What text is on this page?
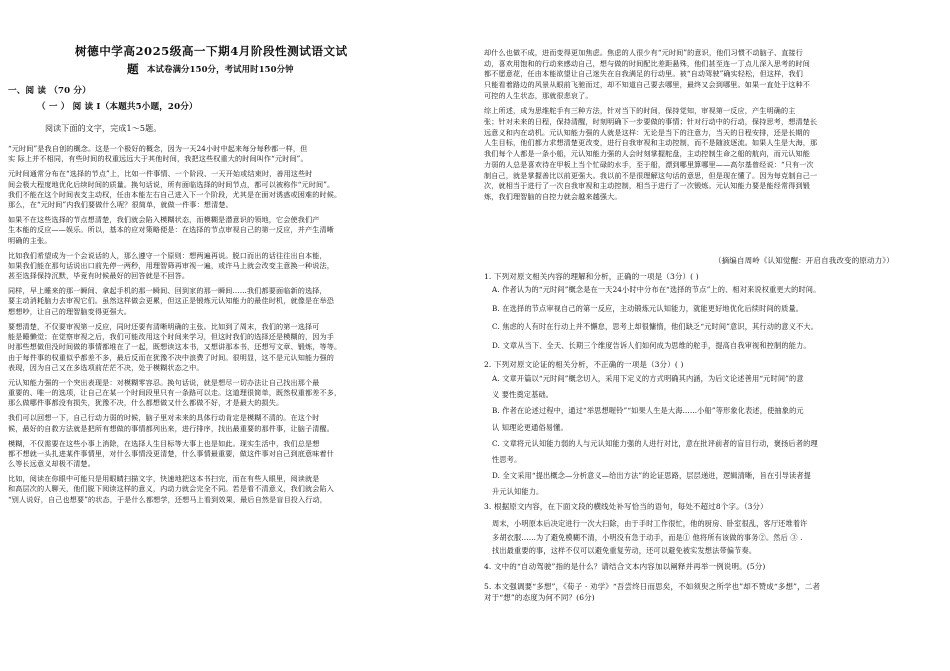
树德中学高2025级高一下期4月阶段性测试语文试
题 本试卷满分150分，考试用时150分钟
一、阅 读 （70 分）
（ 一 ） 阅 读 Ⅰ（本题共5小题，20分）
阅读下面的文字，完成1～5题。
“元时间”是我自创的概念。这是一个极好的概念，因为一天24小时中起来每分每秒都一样，但
实 际上并不相同，有些时间的权重远远大于其他时间，我把这些权重大的时间叫作“元时间”。
元时间通常分布在“选择的节点”上，比如一件事情、一个阶段、一天开始或结束时，善用这些时
间会极大程度地优化后续时间的质量。换句话说，所有面临选择的时间节点，都可以被称作“元时间”。
我们不能在这个时间表支主动权，任由本能左右自己进入下一个阶段，尤其是在面对诱惑或困难的时候。
那么，在“元时间”内我们要做什么呢？很简单，就做一件事：想清楚。
如果不在这些选择的节点想清楚，我们就会陷入模糊状态，而模糊是潜意识的领地，它会使我们产
生本能的反应——娱乐。所以，基本的应对策略便是：在选择的节点审视自己的第一反应，并产生清晰
明确的主张。
比如我们希望成为一个会说话的人，那么遵守一个原则：想两遍再说。脱口而出的话往往出自本能，
如果我们能在那句话说出口前先停一两秒，用理智筛再审视一遍，或许马上就会改变主意换一种说法，
甚至选择保持沉默，毕竟有时候最好的回答就是不回答。
同样，早上睡来的那一瞬间、拿起手机的那一瞬间、回到家的那一瞬间……我们都要面临新的选择，
要主动消耗脑力去审视它们。虽然这样做会更累，但这正是锻炼元认知能力的最佳时机，就像是在举恐
想想吵，让自己的理智脑变得更强大。
要想清楚，不仅要审视第一反应，同时还要有清晰明确的主张。比如到了周末，我们的第一选择可
能是睡懒觉；在觉察审视之后，我们可能改用这个时间来学习，但这时我们的选择还是模糊的，因为手
时那些想做但没时间做的事情都堆在了一起，既想读这本书，又想讲那本书，还想写文章、锻炼，等等。
由于每件事的权重似乎都差不多，最后反而在犹豫不决中浪费了时间。很明显，这不是元认知能力强的
表现，因为自己又在多选项前茫茫不决，处于模糊状态之中。
元认知能力强的一个突出表现是：对模糊零容忍。换句话说，就是想尽一切办法让自己找出那个最
重要的、唯一的选项，让自己在某一个时间段里只有一条路可以走。这道理很简单，既然权重都差不多，
那么做哪件事都没有损失，犹豫不决，什么都想做又什么都做不好，才是最大的损失。
我们可以回想一下，自己行动力弱的时候，脑子里对未来的具体行动肯定是模糊不清的。在这个时
候，最好的自救方法就是把所有想做的事情都列出来，进行排序，找出最重要的那件事，让脑子清醒。
模糊，不仅需要在这些小事上消除，在选择人生目标等大事上也是如此。现实生活中，我们总是想
都不想就一头扎进某件事情里，对什么事情没更清楚，什么事情最重要，做这件事对自己到底意味着什
么等长远意义却极不清楚。
比如，阅读在你眼中可能只是用眼睛扫描文字，快速地把这本书扫完，而在有些人眼里，阅读就是
和高层次的人聊天，他们脱下阅读这样的意义，内动力就会完全不同。若是看不清意义，我们就会陷入
“别人说好，自己也想要”的状态，于是什么都想学，还想马上看到效果，最后自然是盲目投入行动，
却什么也做不成，进而变得更加焦虑。焦虑的人很少有“元时间”的意识，他们习惯不动脑子、直接行
动，喜欢用饱和的行动来感动自己，想与做的时间配比差距悬殊，他们甚至连一丁点儿深入思考的时间
都不愿意花，任由本能欲望让自己迷失在自我满足的行动里。被“自动驾驶”确实轻松，但这样，我们
只能看着路边的风景从眼前飞驰而过，却不知道自己要去哪里，最终又会到哪里。如果一直处于这种不
可控的人生状态，那就很悲哀了。
综上所述，成为思维舵手有三种方法，针对当下的时间，保持觉知，审视第一反应，产生明确的主
张；针对未来的日程，保持清醒，时刻明确下一步要做的事情；针对行动中的行动，保持思考，想清楚长
远意义和内在动机。元认知能力强的人就是这样：无论是当下的注意力，当天的日程安排，还是长期的
人生目标，他们都力求想清楚更改变，进行自我审视和主动控制，而不是随波逐流。如果人生是大海，那
我们每个人都是一条小船，元认知能力强的人会时刻掌握舵盘，主动控制生命之船的航向，而元认知能
力弱的人总是喜欢待在甲板上当个忙碌的水手，至于船，漂到哪里算哪里——高尔基曾经说：“只有一次
制自己，就是掌握善比以前更强大。我以前不是很理解这句话的意思，但是现在懂了。因为每克制自己一
次，就相当于进行了一次自我审视和主动控制，相当于进行了一次锻炼。元认知能力要是能经常得到锻
炼，我们理智脑的自控力就会越来越强大。
（摘编自周岭《认知觉醒：开启自我改变的原动力》）
1. 下列对原文相关内容的理解和分析，正确的一项是（3分）( )
A. 作者认为的“元时间”概念是在一天24小时中分布在“选择的节点”上的、相对来说权重更大的时间。
B. 在选择的节点审视自己的第一反应，主动锻炼元认知能力，就能更好地优化后续时间的质量。
C. 焦虑的人有时在行动上并不懈怠，思考上却很慵惰，他们缺乏“元时间”意识，其行动的意义不大。
D. 文章从当下、全天、长期三个维度告诉人们如何成为思维的舵手，提高自我审视和控制的能力。
2. 下列对原文论证的相关分析，不正确的一项是（3分）( )
A. 文章开篇以“元时间”概念切入，采用下定义的方式明确其内涵，为后文论述善用“元时间”的意
义 要性奠定基础。
B. 作者在论述过程中，通过“举思想喔铃”“如果人生是大海……小船”等形象化表述，使抽象的元
认 知理论更通俗易懂。
C. 文章将元认知能力弱的人与元认知能力强的人进行对比，意在批评前者的盲目行动，褒扬后者的理
性思考。
D. 全文采用“提出概念—分析意义—给出方法”的论证思路，层层递进，逻辑清晰，旨在引导读者提
升元认知能力。
3. 根据原文内容，在下面文段的横线处补写恰当的语句，每处不超过8个字。（3分）
周末，小明原本后决定进行一次大扫除，由于手时工作很忙，他的厨房、卧室很乱，客厅还堆着许
多胡衣服……为了避免模糊不清，小明没有急于动手，而是① 他将所有该做的事务②。然后 ③ .
找出最重要的事，这样不仅可以避免重复劳动，还可以避免被实发想法带偏节奏。
4. 文中的“自动驾驶”指的是什么？请结合文本内容加以阐释并再举一例说明。(5分)
5. 本文强调要“多想”，《荀子 · 劝学》“吾尝终日而思矣，不如须臾之所学也”却不赞成“多想”，二者
对于“想”的态度为何不同？(6分)
